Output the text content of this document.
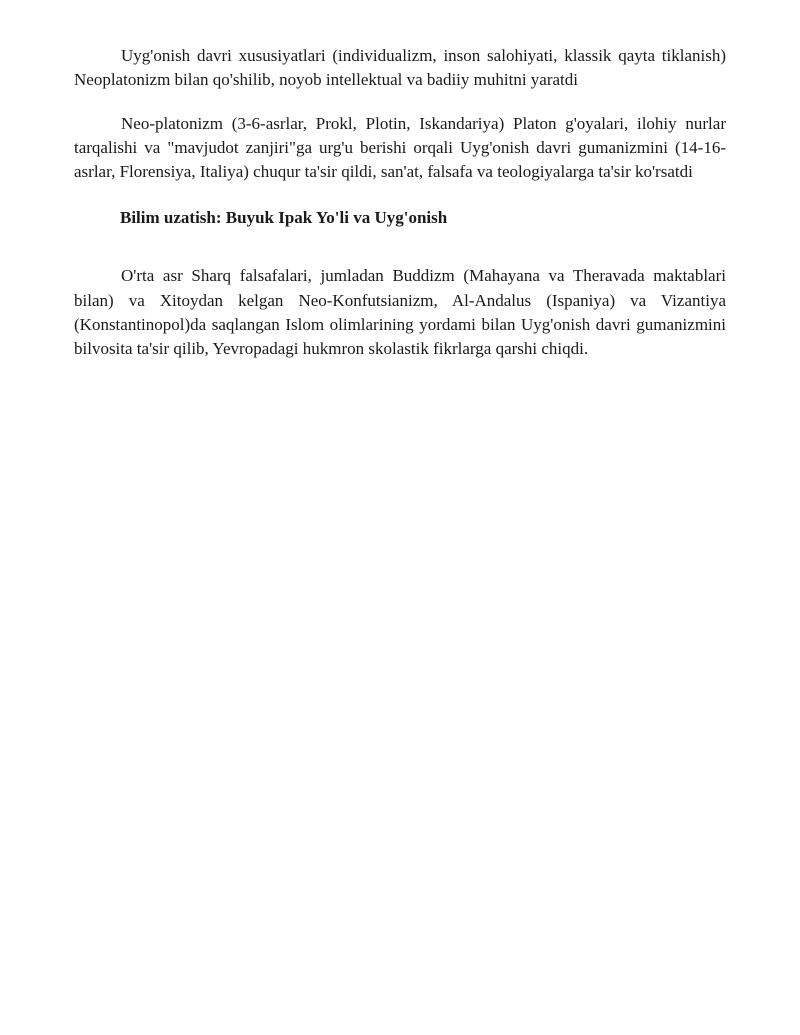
Uyg'onish davri xususiyatlari (individualizm, inson salohiyati, klassik qayta tiklanish) Neoplatonizm bilan qo'shilib, noyob intellektual va badiiy muhitni yaratdi

Neo-platonizm (3-6-asrlar, Prokl, Plotin, Iskandariya) Platon g'oyalari, ilohiy nurlar tarqalishi va "mavjudot zanjiri"ga urg'u berishi orqali Uyg'onish davri gumanizmini (14-16-asrlar, Florensiya, Italiya) chuqur ta'sir qildi, san'at, falsafa va teologiyalarga ta'sir ko'rsatdi

Bilim uzatish: Buyuk Ipak Yo'li va Uyg'onish

O'rta asr Sharq falsafalari, jumladan Buddizm (Mahayana va Theravada maktablari bilan) va Xitoydan kelgan Neo-Konfutsianizm, Al-Andalus (Ispaniya) va Vizantiya (Konstantinopol)da saqlangan Islom olimlarining yordami bilan Uyg'onish davri gumanizmini bilvosita ta'sir qilib, Yevropadagi hukmron skolastik fikrlarga qarshi chiqdi.
